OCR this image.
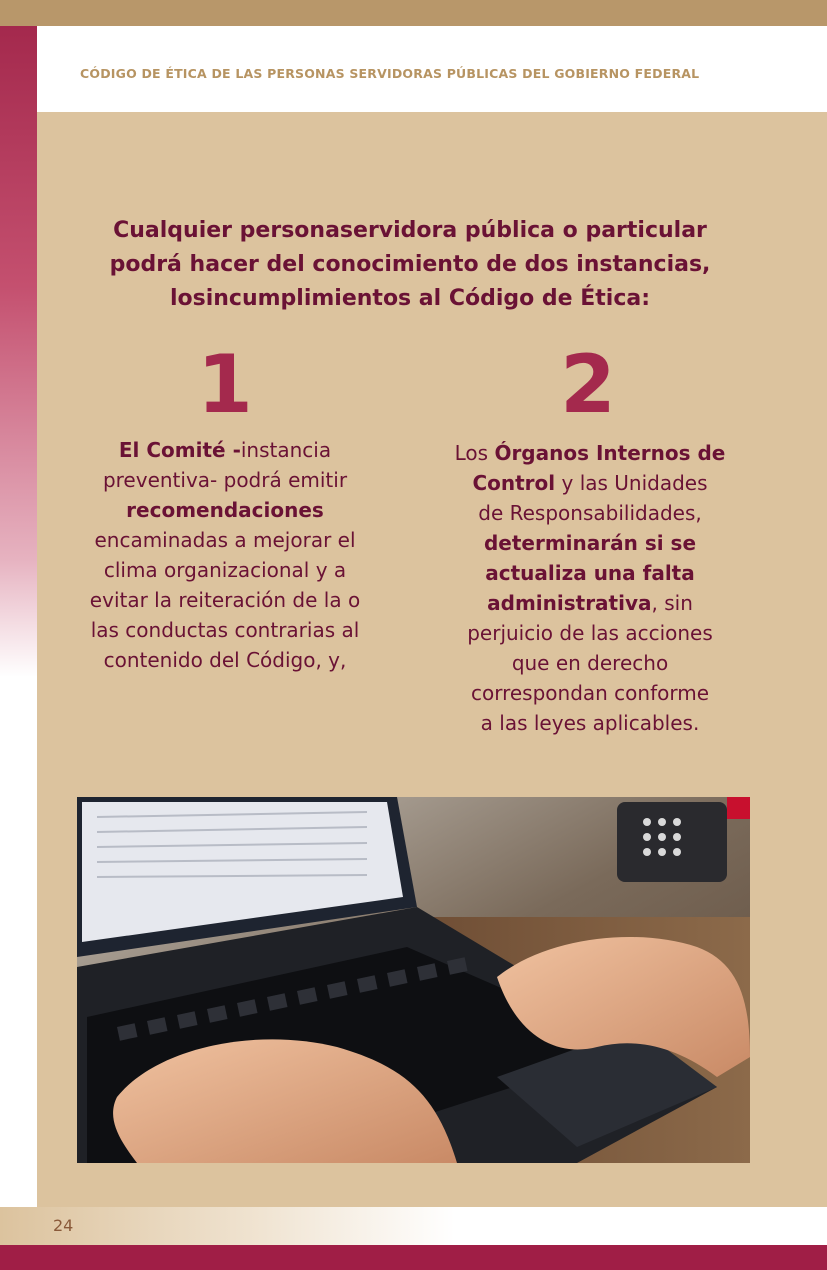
CÓDIGO DE ÉTICA DE LAS PERSONAS SERVIDORAS PÚBLICAS DEL GOBIERNO FEDERAL
Cualquier personaservidora pública o particular
podrá hacer del conocimiento de dos instancias,
losincumplimientos al Código de Ética:
1	2
El Comité -instancia
preventiva- podrá emitir
recomendaciones
encaminadas a mejorar el
clima organizacional y a
evitar la reiteración de la o
las conductas contrarias al
contenido del Código, y,
Los Órganos Internos de
Control y las Unidades
de Responsabilidades,
determinarán si se
actualiza una falta
administrativa, sin
perjuicio de las acciones
que en derecho
correspondan conforme
a las leyes aplicables.
24
